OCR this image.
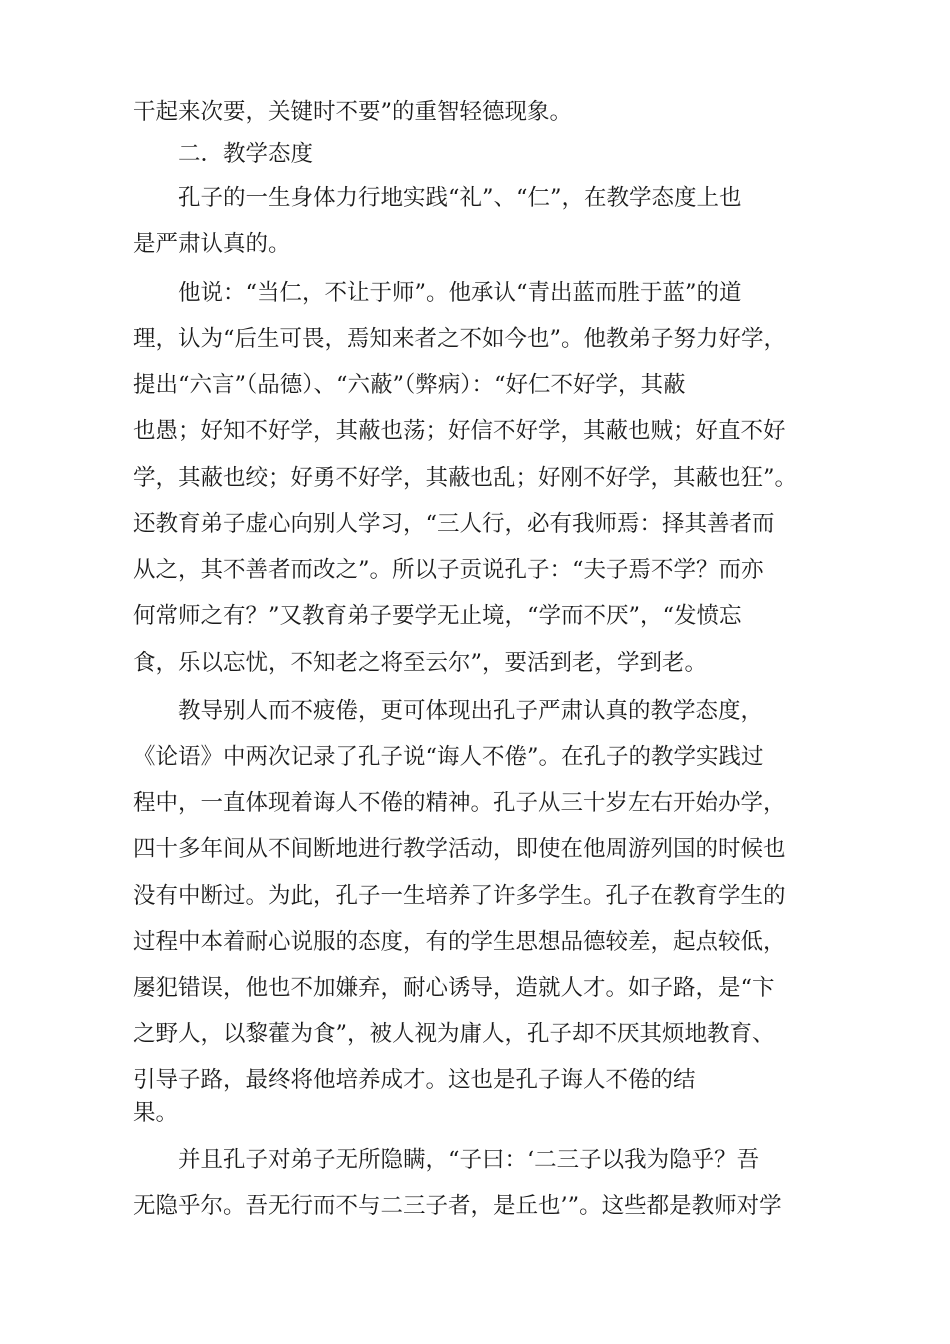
干起来次要，关键时不要”的重智轻德现象。
二．教学态度
孔子的一生身体力行地实践“礼”、“仁”，在教学态度上也
是严肃认真的。
他说：“当仁，不让于师”。他承认“青出蓝而胜于蓝”的道
理，认为“后生可畏，焉知来者之不如今也”。他教弟子努力好学，
提出“六言”（品德）、“六蔽”（弊病）：“好仁不好学，其蔽
也愚；好知不好学，其蔽也荡；好信不好学，其蔽也贼；好直不好
学，其蔽也绞；好勇不好学，其蔽也乱；好刚不好学，其蔽也狂”。
还教育弟子虚心向别人学习，“三人行，必有我师焉：择其善者而
从之，其不善者而改之”。所以子贡说孔子：“夫子焉不学？而亦
何常师之有？”又教育弟子要学无止境，“学而不厌”，“发愤忘
食，乐以忘忧，不知老之将至云尔”，要活到老，学到老。
教导别人而不疲倦，更可体现出孔子严肃认真的教学态度，
《论语》中两次记录了孔子说“诲人不倦”。在孔子的教学实践过
程中，一直体现着诲人不倦的精神。孔子从三十岁左右开始办学，
四十多年间从不间断地进行教学活动，即使在他周游列国的时候也
没有中断过。为此，孔子一生培养了许多学生。孔子在教育学生的
过程中本着耐心说服的态度，有的学生思想品德较差，起点较低，
屡犯错误，他也不加嫌弃，耐心诱导，造就人才。如子路，是“卞
之野人，以黎藿为食”，被人视为庸人，孔子却不厌其烦地教育、
引导子路，最终将他培养成才。这也是孔子诲人不倦的结
果。
并且孔子对弟子无所隐瞒，“子曰：‘二三子以我为隐乎？吾
无隐乎尔。吾无行而不与二三子者，是丘也’”。这些都是教师对学
